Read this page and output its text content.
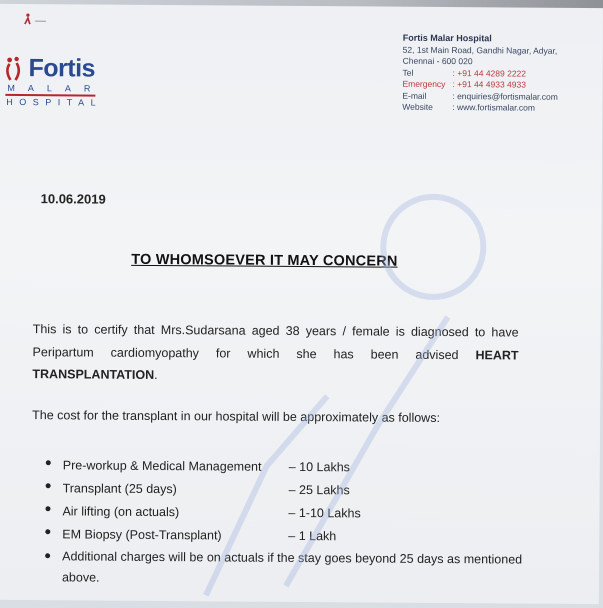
Fortis
MALAR
HOSPITAL
Fortis Malar Hospital
52, 1st Main Road, Gandhi Nagar, Adyar,
Chennai - 600 020
Tel	: +91 44 4289 2222
Emergency : +91 44 4933 4933
E-mail	: enquiries@fortismalar.com
Website	: www.fortismalar.com
10.06.2019
TO WHOMSOEVER IT MAY CONCERN
This is to certify that Mrs.Sudarsana aged 38 years / female is diagnosed to have
Peripartum cardiomyopathy for which she has been advised HEART
TRANSPLANTATION.
The cost for the transplant in our hospital will be approximately as follows:
Pre-workup & Medical Management – 10 Lakhs
Transplant (25 days)	– 25 Lakhs
Air lifting (on actuals)	– 1-10 Lakhs
EM Biopsy (Post-Transplant)	– 1 Lakh
Additional charges will be on actuals if the stay goes beyond 25 days as mentioned above.
